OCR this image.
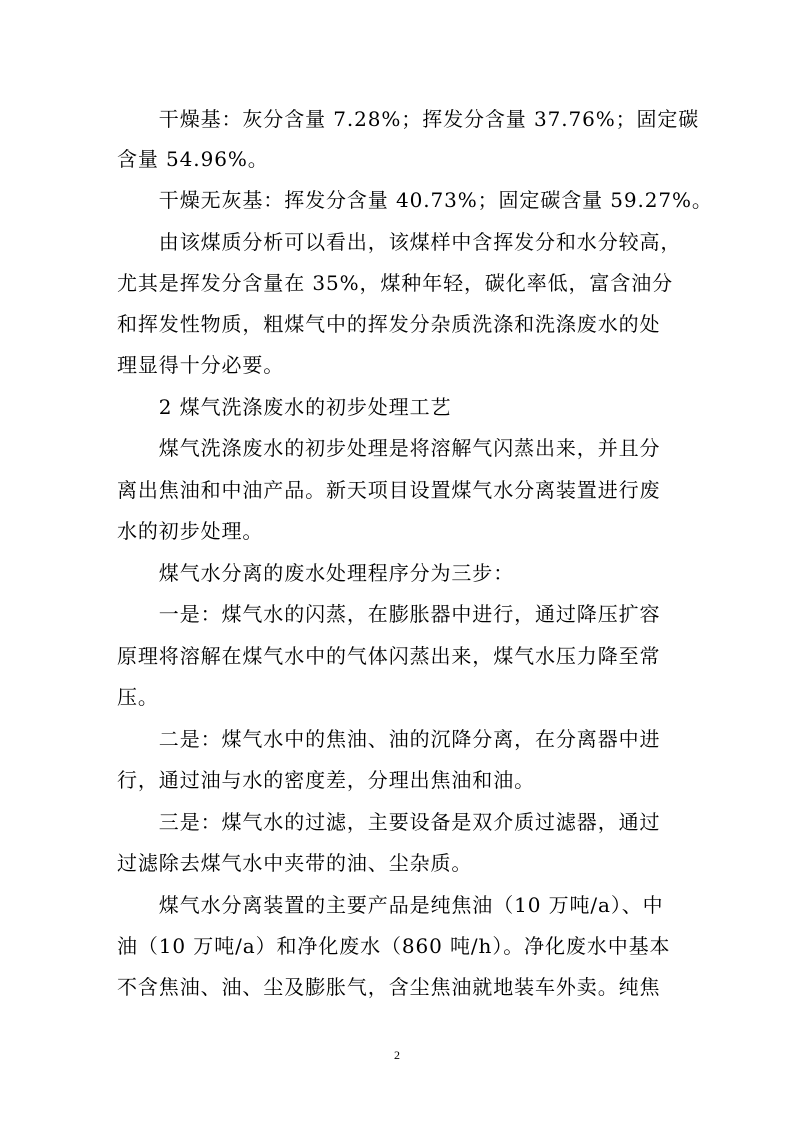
　　干燥基：灰分含量 7.28%；挥发分含量 37.76%；固定碳
含量 54.96%。
　　干燥无灰基：挥发分含量 40.73%；固定碳含量 59.27%。
　　由该煤质分析可以看出，该煤样中含挥发分和水分较高，
尤其是挥发分含量在 35%，煤种年轻，碳化率低，富含油分
和挥发性物质，粗煤气中的挥发分杂质洗涤和洗涤废水的处
理显得十分必要。
　　2 煤气洗涤废水的初步处理工艺
　　煤气洗涤废水的初步处理是将溶解气闪蒸出来，并且分
离出焦油和中油产品。新天项目设置煤气水分离装置进行废
水的初步处理。
　　煤气水分离的废水处理程序分为三步：
　　一是：煤气水的闪蒸，在膨胀器中进行，通过降压扩容
原理将溶解在煤气水中的气体闪蒸出来，煤气水压力降至常
压。
　　二是：煤气水中的焦油、油的沉降分离，在分离器中进
行，通过油与水的密度差，分理出焦油和油。
　　三是：煤气水的过滤，主要设备是双介质过滤器，通过
过滤除去煤气水中夹带的油、尘杂质。
　　煤气水分离装置的主要产品是纯焦油（10 万吨/a）、中
油（10 万吨/a）和净化废水（860 吨/h）。净化废水中基本
不含焦油、油、尘及膨胀气，含尘焦油就地装车外卖。纯焦
2
